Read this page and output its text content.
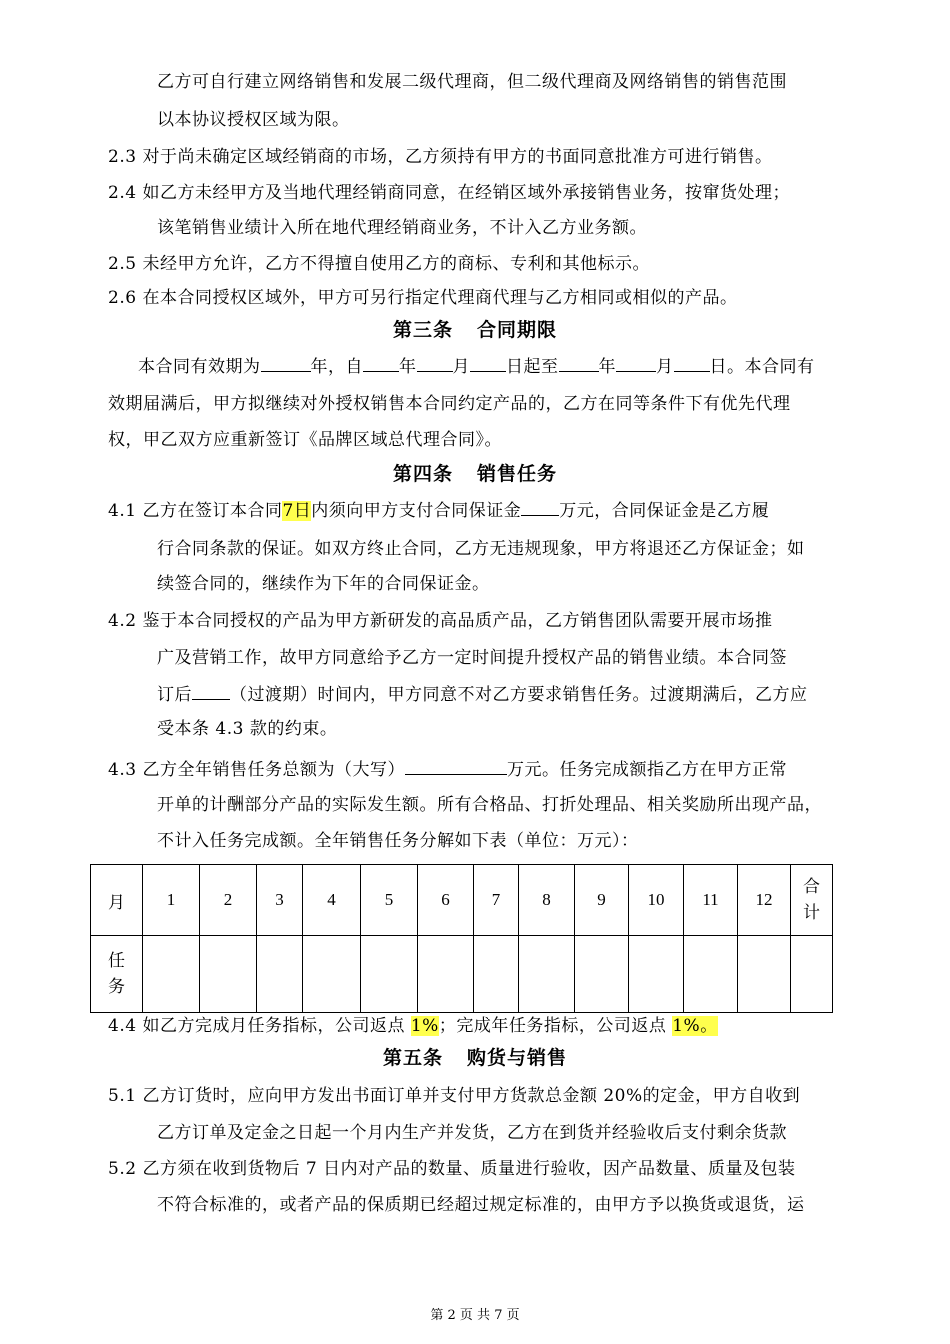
乙方可自行建立网络销售和发展二级代理商，但二级代理商及网络销售的销售范围
以本协议授权区域为限。
2.3 对于尚未确定区域经销商的市场，乙方须持有甲方的书面同意批准方可进行销售。
2.4 如乙方未经甲方及当地代理经销商同意，在经销区域外承接销售业务，按窜货处理；
该笔销售业绩计入所在地代理经销商业务，不计入乙方业务额。
2.5 未经甲方允许，乙方不得擅自使用乙方的商标、专利和其他标示。
2.6 在本合同授权区域外，甲方可另行指定代理商代理与乙方相同或相似的产品。
第三条 合同期限
本合同有效期为	年，自 年 月 日起至 年 月 日。本合同有
效期届满后，甲方拟继续对外授权销售本合同约定产品的，乙方在同等条件下有优先代理
权，甲乙双方应重新签订《品牌区域总代理合同》。
第四条 销售任务
4.1 乙方在签订本合同7日内须向甲方支付合同保证金 万元，合同保证金是乙方履
行合同条款的保证。如双方终止合同，乙方无违规现象，甲方将退还乙方保证金；如
续签合同的，继续作为下年的合同保证金。
4.2 鉴于本合同授权的产品为甲方新研发的高品质产品，乙方销售团队需要开展市场推
广及营销工作，故甲方同意给予乙方一定时间提升授权产品的销售业绩。本合同签
订后 （过渡期）时间内，甲方同意不对乙方要求销售任务。过渡期满后，乙方应
受本条 4.3 款的约束。
4.3 乙方全年销售任务总额为（大写）	万元。任务完成额指乙方在甲方正常
开单的计酬部分产品的实际发生额。所有合格品、打折处理品、相关奖励所出现产品，
不计入任务完成额。全年销售任务分解如下表（单位：万元）：
月	1	2	3	4	5	6	7	8	9	10	11	12	合计
任务													
4.4 如乙方完成月任务指标，公司返点 1%；完成年任务指标，公司返点 1%。
第五条 购货与销售
5.1 乙方订货时，应向甲方发出书面订单并支付甲方货款总金额 20%的定金，甲方自收到
乙方订单及定金之日起一个月内生产并发货，乙方在到货并经验收后支付剩余货款
5.2 乙方须在收到货物后 7 日内对产品的数量、质量进行验收，因产品数量、质量及包装
不符合标准的，或者产品的保质期已经超过规定标准的，由甲方予以换货或退货，运
第 2 页 共 7 页
